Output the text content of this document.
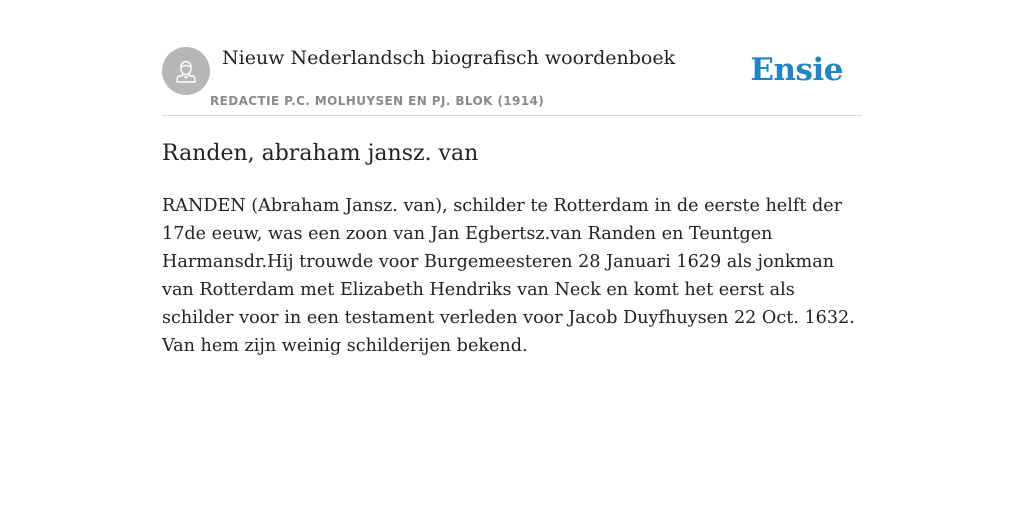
Nieuw Nederlandsch biografisch woordenboek
REDACTIE P.C. MOLHUYSEN EN PJ. BLOK (1914)
Ensie
Randen, abraham jansz. van

RANDEN (Abraham Jansz. van), schilder te Rotterdam in de eerste helft der 17de eeuw, was een zoon van Jan Egbertsz.van Randen en Teuntgen Harmansdr.Hij trouwde voor Burgemeesteren 28 Januari 1629 als jonkman van Rotterdam met Elizabeth Hendriks van Neck en komt het eerst als schilder voor in een testament verleden voor Jacob Duyfhuysen 22 Oct. 1632. Van hem zijn weinig schilderijen bekend.
